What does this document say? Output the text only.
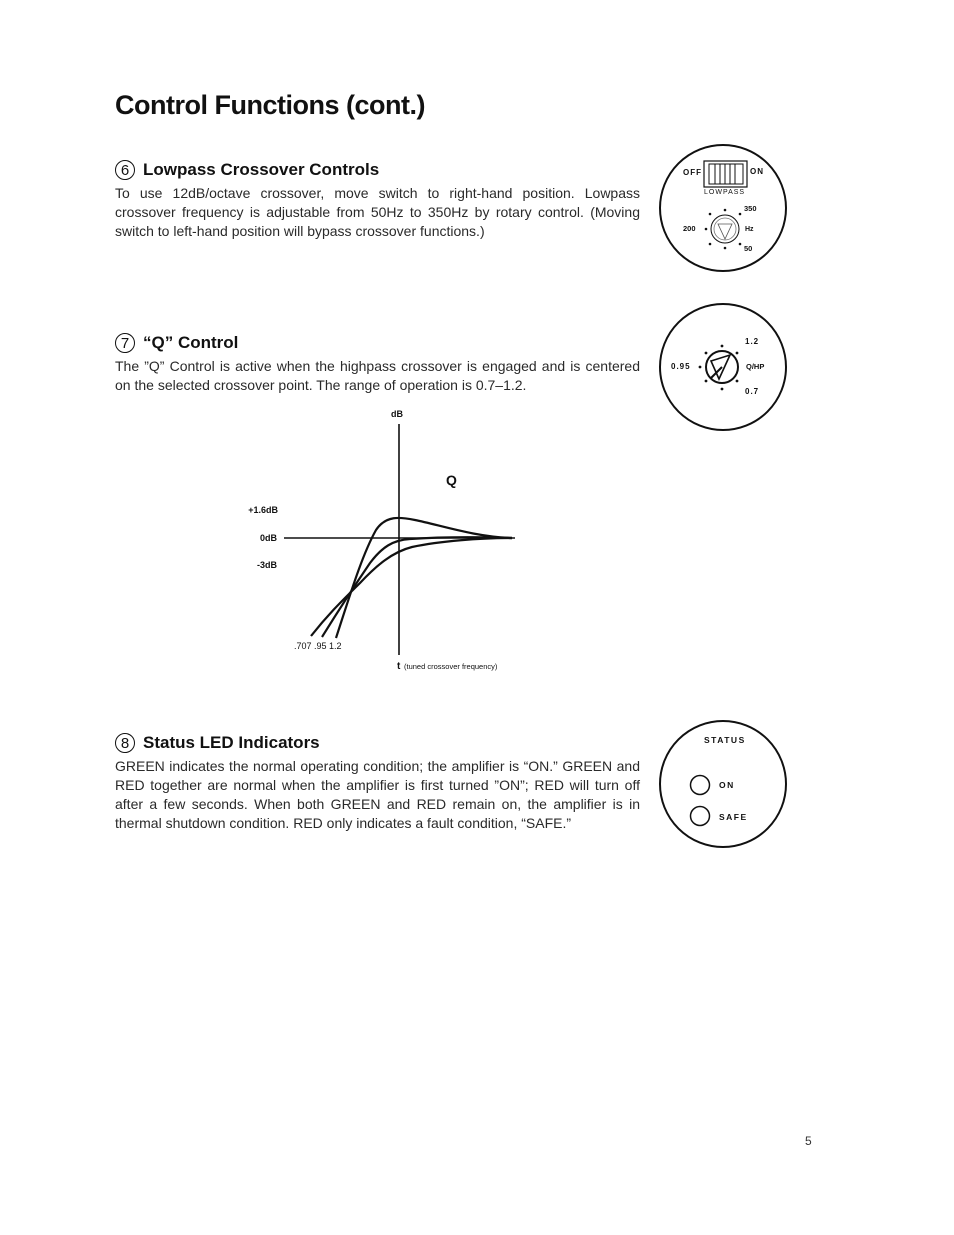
Control Functions (cont.)
6 Lowpass Crossover Controls

To use 12dB/octave crossover, move switch to right-hand position. Lowpass crossover frequency is adjustable from 50Hz to 350Hz by rotary control. (Moving switch to left-hand position will bypass crossover functions.)

7 “Q” Control

The ”Q” Control is active when the highpass crossover is engaged and is centered on the selected crossover point. The range of operation is 0.7–1.2.

8 Status LED Indicators

GREEN indicates the normal operating condition; the amplifier is “ON.” GREEN and RED together are normal when the amplifier is first turned ”ON”; RED will turn off after a few seconds. When both GREEN and RED remain on, the amplifier is in thermal shutdown condition. RED only indicates a fault condition, “SAFE.”

OFF	ON
LOWPASS
350
200
50
Hz
1.2
0.95	Q/HP
0.7
STATUS
ON
SAFE
dB
Q
+1.6dB
0dB
-3dB
.707 .95 1.2
t (tuned crossover frequency)
5
